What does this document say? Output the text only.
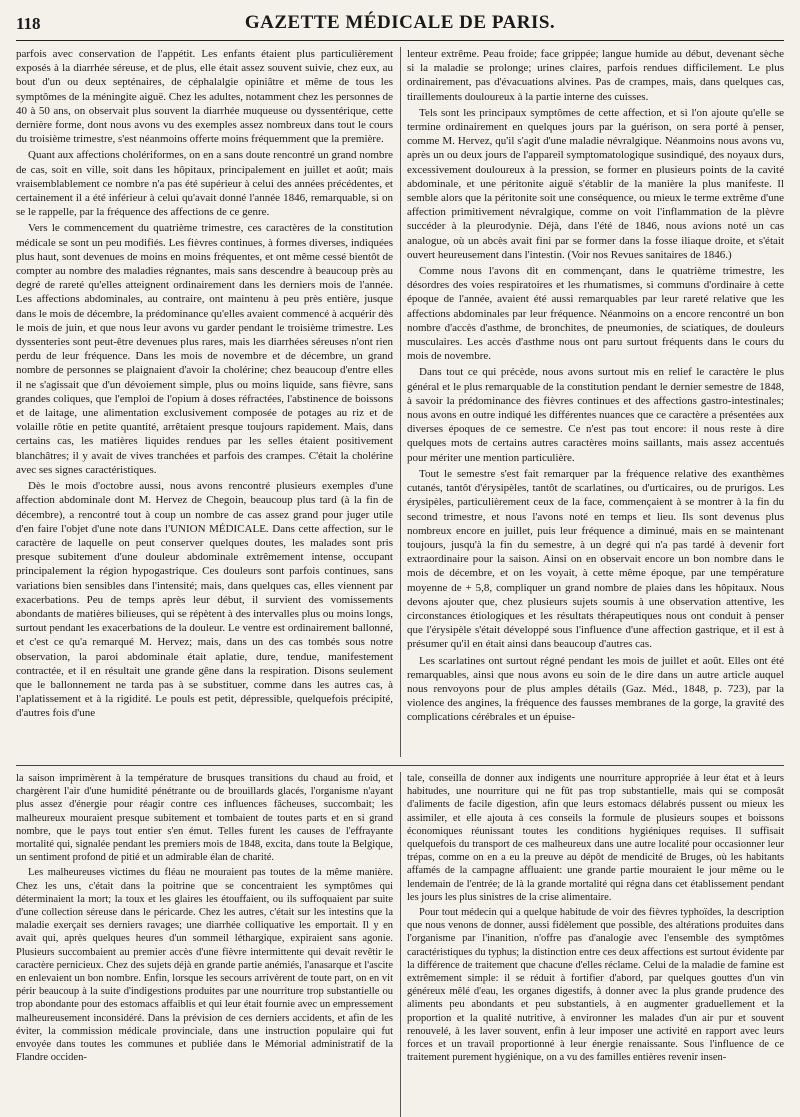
118	GAZETTE MÉDICALE DE PARIS.

parfois avec conservation de l'appétit. Les enfants étaient plus particulièrement exposés à la diarrhée séreuse, et de plus, elle était assez souvent suivie, chez eux, au bout d'un ou deux septénaires, de céphalalgie opiniâtre et même de tous les symptômes de la méningite aiguë. Chez les adultes, notamment chez les personnes de 40 à 50 ans, on observait plus souvent la diarrhée muqueuse ou dyssentérique, cette dernière forme, dont nous avons vu des exemples assez nombreux dans tout le cours du troisième trimestre, s'est néanmoins offerte moins fréquemment que la première.

Quant aux affections cholériformes, on en a sans doute rencontré un grand nombre de cas, soit en ville, soit dans les hôpitaux, principalement en juillet et août; mais vraisemblablement ce nombre n'a pas été supérieur à celui des années précédentes, et certainement il a été inférieur à celui qu'avait donné l'année 1846, remarquable, si on se le rappelle, par la fréquence des affections de ce genre.

Vers le commencement du quatrième trimestre, ces caractères de la constitution médicale se sont un peu modifiés. Les fièvres continues, à formes diverses, indiquées plus haut, sont devenues de moins en moins fréquentes, et ont même cessé bientôt de compter au nombre des maladies régnantes, mais sans descendre à beaucoup près au degré de rareté qu'elles atteignent ordinairement dans les derniers mois de l'année. Les affections abdominales, au contraire, ont maintenu à peu près entière, jusque dans le mois de décembre, la prédominance qu'elles avaient commencé à acquérir dès le mois de juin, et que nous leur avons vu garder pendant le troisième trimestre. Les dyssenteries sont peut-être devenues plus rares, mais les diarrhées séreuses n'ont rien perdu de leur fréquence. Dans les mois de novembre et de décembre, un grand nombre de personnes se plaignaient d'avoir la cholérine; chez beaucoup d'entre elles il ne s'agissait que d'un dévoiement simple, plus ou moins liquide, sans fièvre, sans grandes coliques, que l'emploi de l'opium à doses réfractées, l'abstinence de boissons et de laitage, une alimentation exclusivement composée de potages au riz et de volaille rôtie en petite quantité, arrêtaient presque toujours rapidement. Mais, dans certains cas, les matières liquides rendues par les selles étaient positivement blanchâtres; il y avait de vives tranchées et parfois des crampes. C'était la cholérine avec ses signes caractéristiques.

Dès le mois d'octobre aussi, nous avons rencontré plusieurs exemples d'une affection abdominale dont M. Hervez de Chegoin, beaucoup plus tard (à la fin de décembre), a rencontré tout à coup un nombre de cas assez grand pour juger utile d'en faire l'objet d'une note dans l'UNION MÉDICALE. Dans cette affection, sur le caractère de laquelle on peut conserver quelques doutes, les malades sont pris presque subitement d'une douleur abdominale extrêmement intense, occupant principalement la région hypogastrique. Ces douleurs sont parfois continues, sans variations bien sensibles dans l'intensité; mais, dans quelques cas, elles viennent par exacerbations. Peu de temps après leur début, il survient des vomissements abondants de matières bilieuses, qui se répètent à des intervalles plus ou moins longs, surtout pendant les exacerbations de la douleur. Le ventre est ordinairement ballonné, et c'est ce qu'a remarqué M. Hervez; mais, dans un des cas tombés sous notre observation, la paroi abdominale était aplatie, dure, tendue, manifestement contractée, et il en résultait une grande gêne dans la respiration. Disons seulement que le ballonnement ne tarda pas à se substituer, comme dans les autres cas, à l'aplatissement et à la rigidité. Le pouls est petit, dépressible, quelquefois précipité, d'autres fois d'une

lenteur extrême. Peau froide; face grippée; langue humide au début, devenant sèche si la maladie se prolonge; urines claires, parfois rendues difficilement. Le plus ordinairement, pas d'évacuations alvines. Pas de crampes, mais, dans quelques cas, tiraillements douloureux à la partie interne des cuisses.

Tels sont les principaux symptômes de cette affection, et si l'on ajoute qu'elle se termine ordinairement en quelques jours par la guérison, on sera porté à penser, comme M. Hervez, qu'il s'agit d'une maladie névralgique. Néanmoins nous avons vu, après un ou deux jours de l'appareil symptomatologique susindiqué, des noyaux durs, excessivement douloureux à la pression, se former en plusieurs points de la cavité abdominale, et une péritonite aiguë s'établir de la manière la plus manifeste. Il semble alors que la péritonite soit une conséquence, ou mieux le terme extrême d'une affection primitivement névralgique, comme on voit l'inflammation de la plèvre succéder à la pleurodynie. Déjà, dans l'été de 1846, nous avions noté un cas analogue, où un abcès avait fini par se former dans la fosse iliaque droite, et s'était ouvert heureusement dans l'intestin. (Voir nos Revues sanitaires de 1846.)

Comme nous l'avons dit en commençant, dans le quatrième trimestre, les désordres des voies respiratoires et les rhumatismes, si communs d'ordinaire à cette époque de l'année, avaient été aussi remarquables par leur rareté relative que les affections abdominales par leur fréquence. Néanmoins on a encore rencontré un bon nombre d'accès d'asthme, de bronchites, de pneumonies, de sciatiques, de douleurs musculaires. Les accès d'asthme nous ont paru surtout fréquents dans le cours du mois de novembre.

Dans tout ce qui précède, nous avons surtout mis en relief le caractère le plus général et le plus remarquable de la constitution pendant le dernier semestre de 1848, à savoir la prédominance des fièvres continues et des affections gastro-intestinales; nous avons en outre indiqué les différentes nuances que ce caractère a présentées aux diverses époques de ce semestre. Ce n'est pas tout encore: il nous reste à dire quelques mots de certains autres caractères moins saillants, mais assez accentués pour mériter une mention particulière.

Tout le semestre s'est fait remarquer par la fréquence relative des exanthèmes cutanés, tantôt d'érysipèles, tantôt de scarlatines, ou d'urticaires, ou de prurigos. Les érysipèles, particulièrement ceux de la face, commençaient à se montrer à la fin du second trimestre, et nous l'avons noté en temps et lieu. Ils sont devenus plus nombreux encore en juillet, puis leur fréquence a diminué, mais en se maintenant toujours, jusqu'à la fin du semestre, à un degré qui n'a pas tardé à devenir fort extraordinaire pour la saison. Ainsi on en observait encore un bon nombre dans le mois de décembre, et on les voyait, à cette même époque, par une température moyenne de + 5,8, compliquer un grand nombre de plaies dans les hôpitaux. Nous devons ajouter que, chez plusieurs sujets soumis à une observation attentive, les circonstances étiologiques et les résultats thérapeutiques nous ont conduit à penser que l'érysipèle s'était développé sous l'influence d'une affection gastrique, et il est à présumer qu'il en était ainsi dans beaucoup d'autres cas.

Les scarlatines ont surtout régné pendant les mois de juillet et août. Elles ont été remarquables, ainsi que nous avons eu soin de le dire dans un autre article auquel nous renvoyons pour de plus amples détails (Gaz. Méd., 1848, p. 723), par la violence des angines, la fréquence des fausses membranes de la gorge, la gravité des complications cérébrales et un épuise-

la saison imprimèrent à la température de brusques transitions du chaud au froid, et chargèrent l'air d'une humidité pénétrante ou de brouillards glacés, l'organisme n'ayant plus assez d'énergie pour réagir contre ces influences fâcheuses, succombait; les malheureux mouraient presque subitement et tombaient de toutes parts et en si grand nombre, que le pays tout entier s'en émut. Telles furent les causes de l'effrayante mortalité qui, signalée pendant les premiers mois de 1848, excita, dans toute la Belgique, un sentiment profond de pitié et un admirable élan de charité.

Les malheureuses victimes du fléau ne mouraient pas toutes de la même manière. Chez les uns, c'était dans la poitrine que se concentraient les symptômes qui déterminaient la mort; la toux et les glaires les étouffaient, ou ils suffoquaient par suite d'une collection séreuse dans le péricarde. Chez les autres, c'était sur les intestins que la maladie exerçait ses derniers ravages; une diarrhée colliquative les emportait. Il y en avait qui, après quelques heures d'un sommeil léthargique, expiraient sans agonie. Plusieurs succombaient au premier accès d'une fièvre intermittente qui devait revêtir le caractère pernicieux. Chez des sujets déjà en grande partie anémiés, l'anasarque et l'ascite en enlevaient un bon nombre. Enfin, lorsque les secours arrivèrent de toute part, on en vit périr beaucoup à la suite d'indigestions produites par une nourriture trop substantielle ou trop abondante pour des estomacs affaiblis et qui leur était fournie avec un empressement malheureusement inconsidéré. Dans la prévision de ces derniers accidents, et afin de les éviter, la commission médicale provinciale, dans une instruction populaire qui fut envoyée dans toutes les communes et publiée dans le Mémorial administratif de la Flandre occiden-

tale, conseilla de donner aux indigents une nourriture appropriée à leur état et à leurs habitudes, une nourriture qui ne fût pas trop substantielle, mais qui se composât d'aliments de facile digestion, afin que leurs estomacs délabrés pussent ou mieux les assimiler, et elle ajouta à ces conseils la formule de plusieurs soupes et boissons économiques réunissant toutes les conditions hygiéniques requises. Il suffisait quelquefois du transport de ces malheureux dans une autre localité pour occasionner leur trépas, comme on en a eu la preuve au dépôt de mendicité de Bruges, où les habitants affamés de la campagne affluaient: une grande partie mouraient le jour même ou le lendemain de l'entrée; de là la grande mortalité qui régna dans cet établissement pendant les jours les plus sinistres de la crise alimentaire.

Pour tout médecin qui a quelque habitude de voir des fièvres typhoïdes, la description que nous venons de donner, aussi fidèlement que possible, des altérations produites dans l'organisme par l'inanition, n'offre pas d'analogie avec l'ensemble des symptômes caractéristiques du typhus; la distinction entre ces deux affections est surtout évidente par la différence de traitement que chacune d'elles réclame. Celui de la maladie de famine est extrêmement simple: il se réduit à fortifier d'abord, par quelques gouttes d'un vin généreux mêlé d'eau, les organes digestifs, à donner avec la plus grande prudence des aliments peu abondants et peu substantiels, à en augmenter graduellement et la proportion et la qualité nutritive, à environner les malades d'un air pur et souvent renouvelé, à les laver souvent, enfin à leur imposer une activité en rapport avec leurs forces et un travail proportionné à leur énergie renaissante. Sous l'influence de ce traitement purement hygiénique, on a vu des familles entières revenir insen-
